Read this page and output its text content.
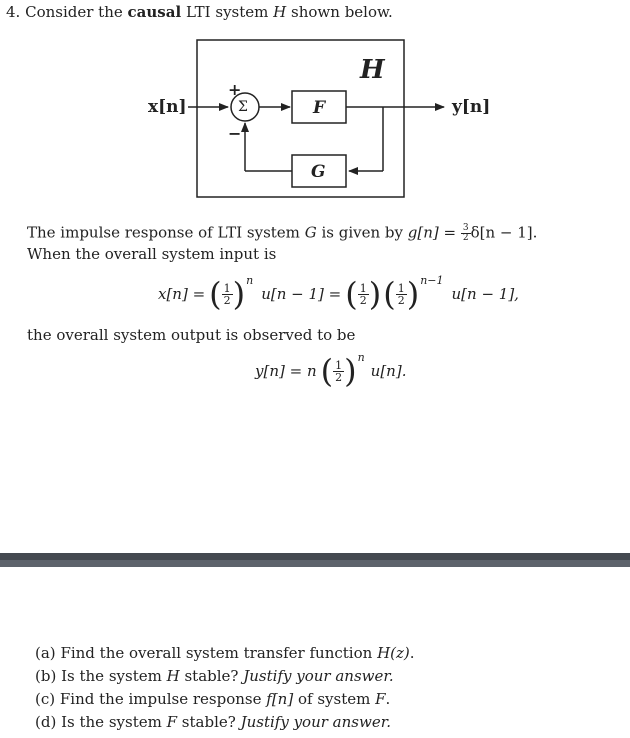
4. Consider the causal LTI system H shown below.
H
x[n]	y[n]
Σ
+
−
F
G
The impulse response of LTI system G is given by $g[n] = \frac{3}{2} \delta[n - 1]$.
When the overall system input is
x[n] = ( $\frac{1}{2}$ ) n
u[n − 1] = ( $\frac{1}{2}$ ) ( $\frac{1}{2}$ ) n−1
u[n − 1],
the overall system output is observed to be
y[n] = n ( $\frac{1}{2}$ ) n
u[n].
(a) Find the overall system transfer function H(z).
(b) Is the system H stable? Justify your answer.
(c) Find the impulse response f[n] of system F.
(d) Is the system F stable? Justify your answer.
